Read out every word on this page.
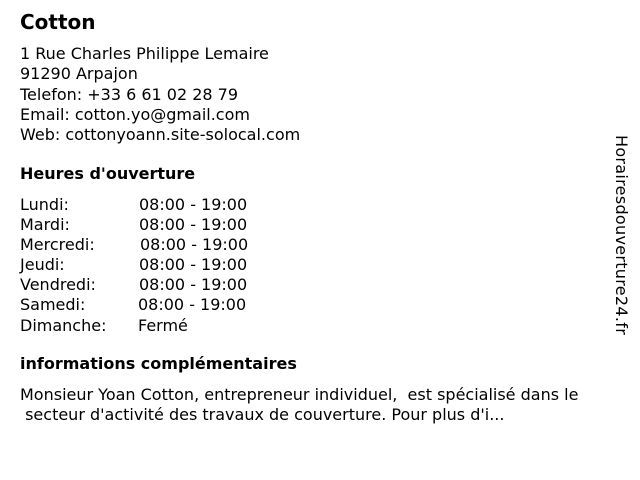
Cotton
1 Rue Charles Philippe Lemaire
91290 Arpajon
Telefon: +33 6 61 02 28 79
Email: cotton.yo@gmail.com
Web: cottonyoann.site-solocal.com
Heures d'ouverture
Lundi:	08:00 - 19:00
Mardi:	08:00 - 19:00
Mercredi:	08:00 - 19:00
Jeudi:	08:00 - 19:00
Vendredi:	08:00 - 19:00
Samedi:	08:00 - 19:00
Dimanche: Fermé
informations complémentaires
Monsieur Yoan Cotton, entrepreneur individuel,  est spécialisé dans le
secteur d'activité des travaux de couverture. Pour plus d'i...
Horairesdouverture24.fr
